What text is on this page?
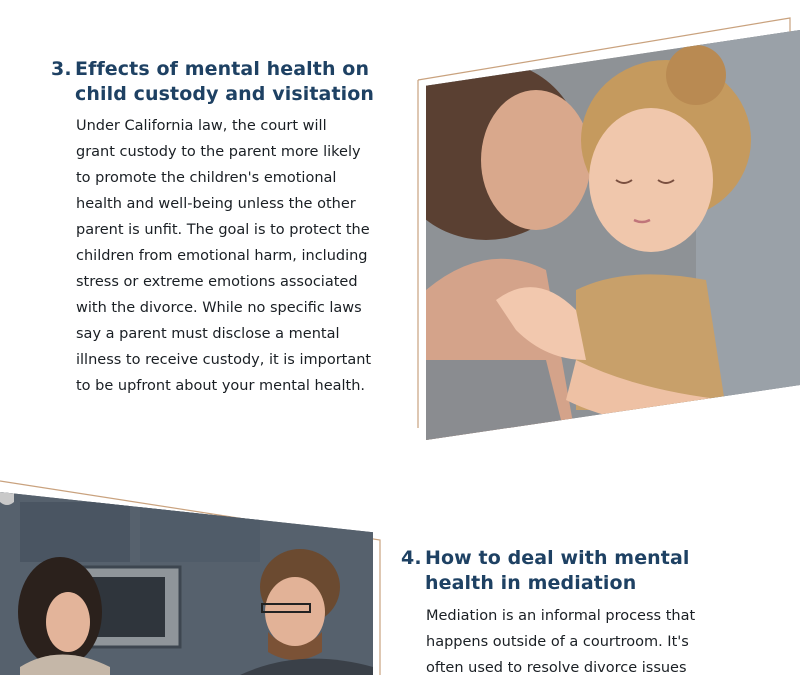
3. Effects of mental health on
child custody and visitation
Under California law, the court will
grant custody to the parent more likely
to promote the children's emotional
health and well-being unless the other
parent is unfit. The goal is to protect the
children from emotional harm, including
stress or extreme emotions associated
with the divorce. While no specific laws
say a parent must disclose a mental
illness to receive custody, it is important
to be upfront about your mental health.
4. How to deal with mental
health in mediation
Mediation is an informal process that
happens outside of a courtroom. It's
often used to resolve divorce issues
